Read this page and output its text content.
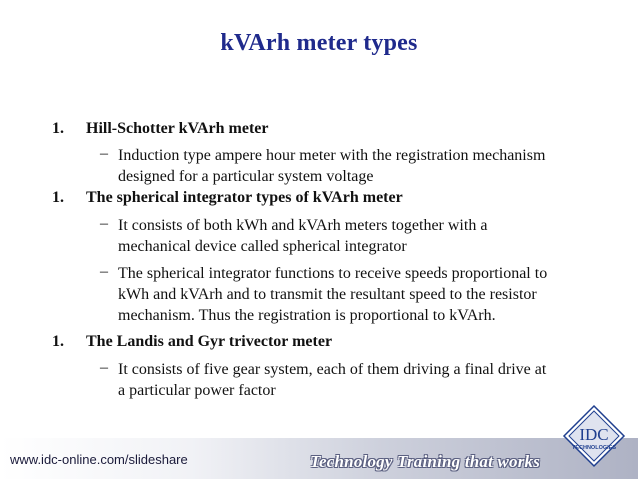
kVArh meter types
1. Hill-Schotter kVArh meter
– Induction type ampere hour meter with the registration mechanism
designed for a particular system voltage
1. The spherical integrator types of kVArh meter
– It consists of both kWh and kVArh meters together with a
mechanical device called spherical integrator
– The spherical integrator functions to receive speeds proportional to
kWh and kVArh and to transmit the resultant speed to the resistor
mechanism. Thus the registration is proportional to kVArh.
1. The Landis and Gyr trivector meter
– It consists of five gear system, each of them driving a final drive at
a particular power factor
www.idc-online.com/slideshare	Technology Training that works
IDC
TECHNOLOGIES
